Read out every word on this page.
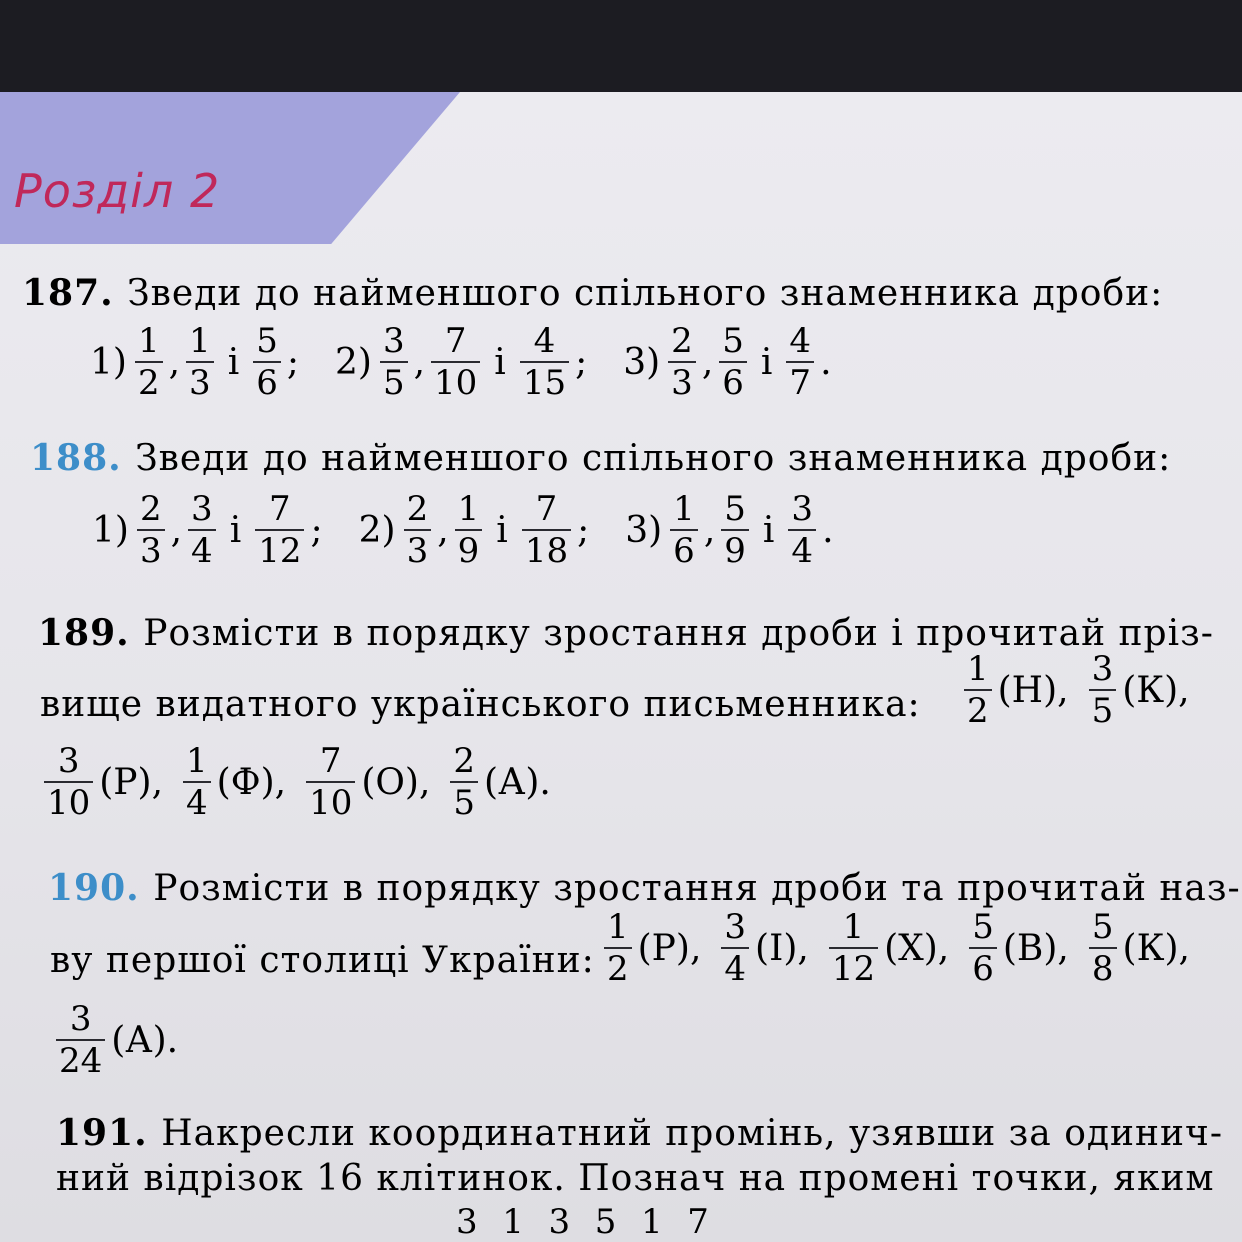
Розділ 2
187. Зведи до найменшого спільного знаменника дроби:
$1) \frac{1}{2}$ , $\frac{1}{3}$ і $\frac{5}{6}$ ; $2) \frac{3}{5}$ , $\frac{7}{10}$ і $\frac{4}{15}$ ; $3) \frac{2}{3}$ , $\frac{5}{6}$ і $\frac{4}{7}$ .
188. Зведи до найменшого спільного знаменника дроби:
$1) \frac{2}{3}$ , $\frac{3}{4}$ і $\frac{7}{12}$ ; $2) \frac{2}{3}$ , $\frac{1}{9}$ і $\frac{7}{18}$ ; $3) \frac{1}{6}$ , $\frac{5}{9}$ і $\frac{3}{4}$ .
189. Розмісти в порядку зростання дроби і прочитай пріз-
вище видатного українського письменника: $\frac{1}{2} (Н)$, $\frac{3}{5} (К)$,
$\frac{3}{10} (Р)$, $\frac{1}{4} (Ф)$, $\frac{7}{10} (О)$, $\frac{2}{5} (А)$.
190. Розмісти в порядку зростання дроби та прочитай наз-
ву першої столиці України: $\frac{1}{2} (Р)$, $\frac{3}{4} (І)$, $\frac{1}{12} (Х)$, $\frac{5}{6} (В)$, $\frac{5}{8} (К)$,
$\frac{3}{24} (А)$.
191. Накресли координатний промінь, узявши за одинич-
ний відрізок 16 клітинок. Познач на промені точки, яким
3  1  3  5  1  7
